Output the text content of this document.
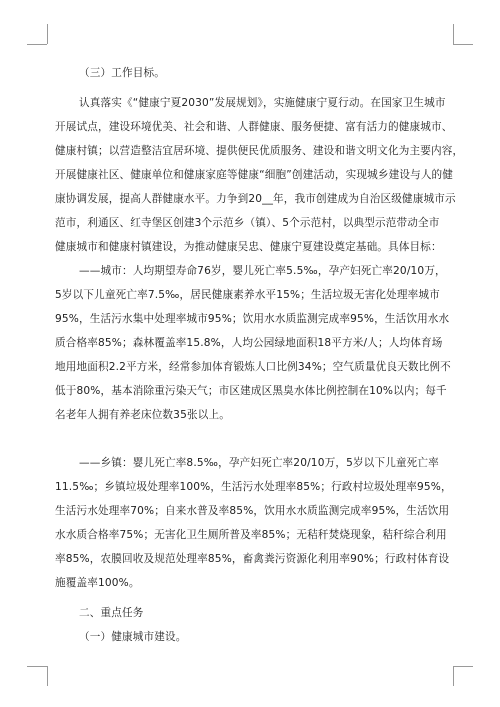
（三）工作目标。
认真落实《“健康宁夏2030”发展规划》，实施健康宁夏行动。在国家卫生城市
开展试点，建设环境优美、社会和谐、人群健康、服务便捷、富有活力的健康城市、
健康村镇；以营造整洁宜居环境、提供便民优质服务、建设和谐文明文化为主要内容，
开展健康社区、健康单位和健康家庭等健康“细胞”创建活动，实现城乡建设与人的健
康协调发展，提高人群健康水平。力争到20__年，我市创建成为自治区级健康城市示
范市，利通区、红寺堡区创建3个示范乡（镇）、5个示范村，以典型示范带动全市
健康城市和健康村镇建设，为推动健康吴忠、健康宁夏建设奠定基础。具体目标：
——城市：人均期望寿命76岁，婴儿死亡率5.5‰，孕产妇死亡率20/10万，
5岁以下儿童死亡率7.5‰，居民健康素养水平15%；生活垃圾无害化处理率城市
95%，生活污水集中处理率城市95%；饮用水水质监测完成率95%，生活饮用水水
质合格率85%；森林覆盖率15.8%，人均公园绿地面积18平方米/人；人均体育场
地用地面积2.2平方米，经常参加体育锻炼人口比例34%；空气质量优良天数比例不
低于80%，基本消除重污染天气；市区建成区黑臭水体比例控制在10%以内；每千
名老年人拥有养老床位数35张以上。
——乡镇：婴儿死亡率8.5‰，孕产妇死亡率20/10万，5岁以下儿童死亡率
11.5‰；乡镇垃圾处理率100%，生活污水处理率85%；行政村垃圾处理率95%，
生活污水处理率70%；自来水普及率85%，饮用水水质监测完成率95%，生活饮用
水水质合格率75%；无害化卫生厕所普及率85%；无秸秆焚烧现象，秸秆综合利用
率85%，农膜回收及规范处理率85%，畜禽粪污资源化利用率90%；行政村体育设
施覆盖率100%。
二、重点任务
（一）健康城市建设。
